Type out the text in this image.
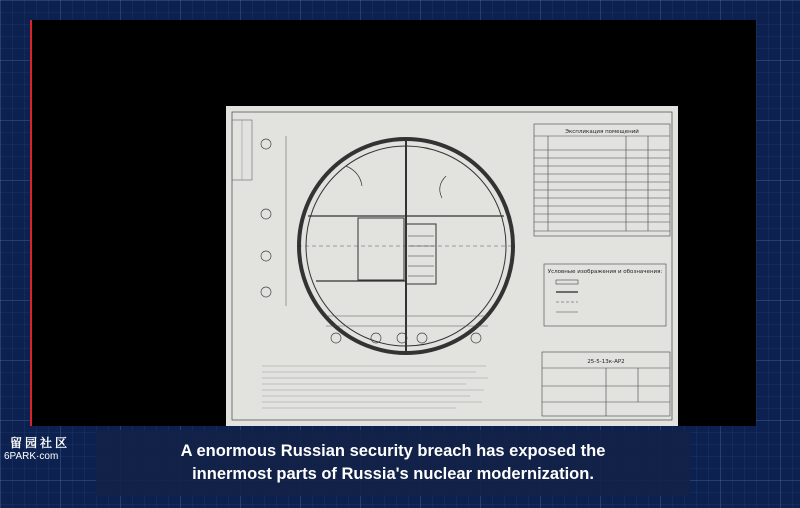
Экспликация помещений
Условные изображения и обозначения:
25-5-13к-АР2
A enormous Russian security breach has exposed the
innermost parts of Russia's nuclear modernization.
留园社区
6PARK·com
